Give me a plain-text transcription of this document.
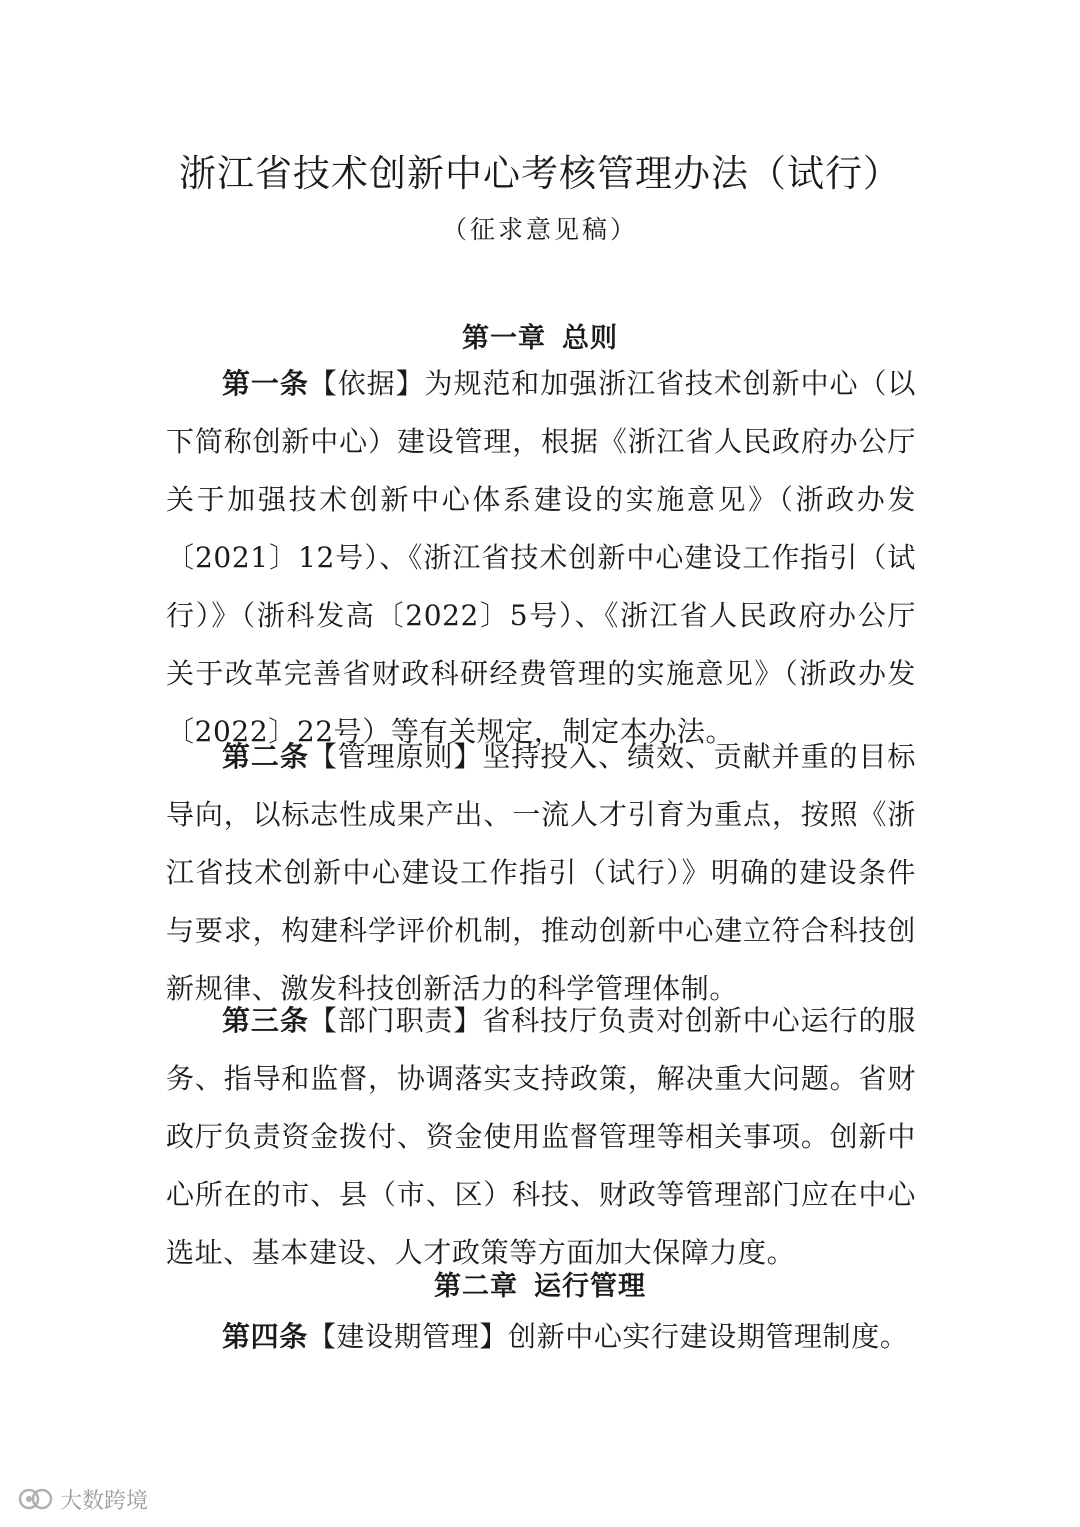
浙江省技术创新中心考核管理办法（试行）
（征求意见稿）
第一章 总则

第一条【依据】为规范和加强浙江省技术创新中心（以下简称创新中心）建设管理，根据《浙江省人民政府办公厅关于加强技术创新中心体系建设的实施意见》（浙政办发〔2021〕12号）、《浙江省技术创新中心建设工作指引（试行）》（浙科发高〔2022〕5号）、《浙江省人民政府办公厅关于改革完善省财政科研经费管理的实施意见》（浙政办发〔2022〕22号）等有关规定，制定本办法。

第二条【管理原则】坚持投入、绩效、贡献并重的目标导向，以标志性成果产出、一流人才引育为重点，按照《浙江省技术创新中心建设工作指引（试行）》明确的建设条件与要求，构建科学评价机制，推动创新中心建立符合科技创新规律、激发科技创新活力的科学管理体制。

第三条【部门职责】省科技厅负责对创新中心运行的服务、指导和监督，协调落实支持政策，解决重大问题。省财政厅负责资金拨付、资金使用监督管理等相关事项。创新中心所在的市、县（市、区）科技、财政等管理部门应在中心选址、基本建设、人才政策等方面加大保障力度。

第二章 运行管理

第四条【建设期管理】创新中心实行建设期管理制度。

大数跨境
